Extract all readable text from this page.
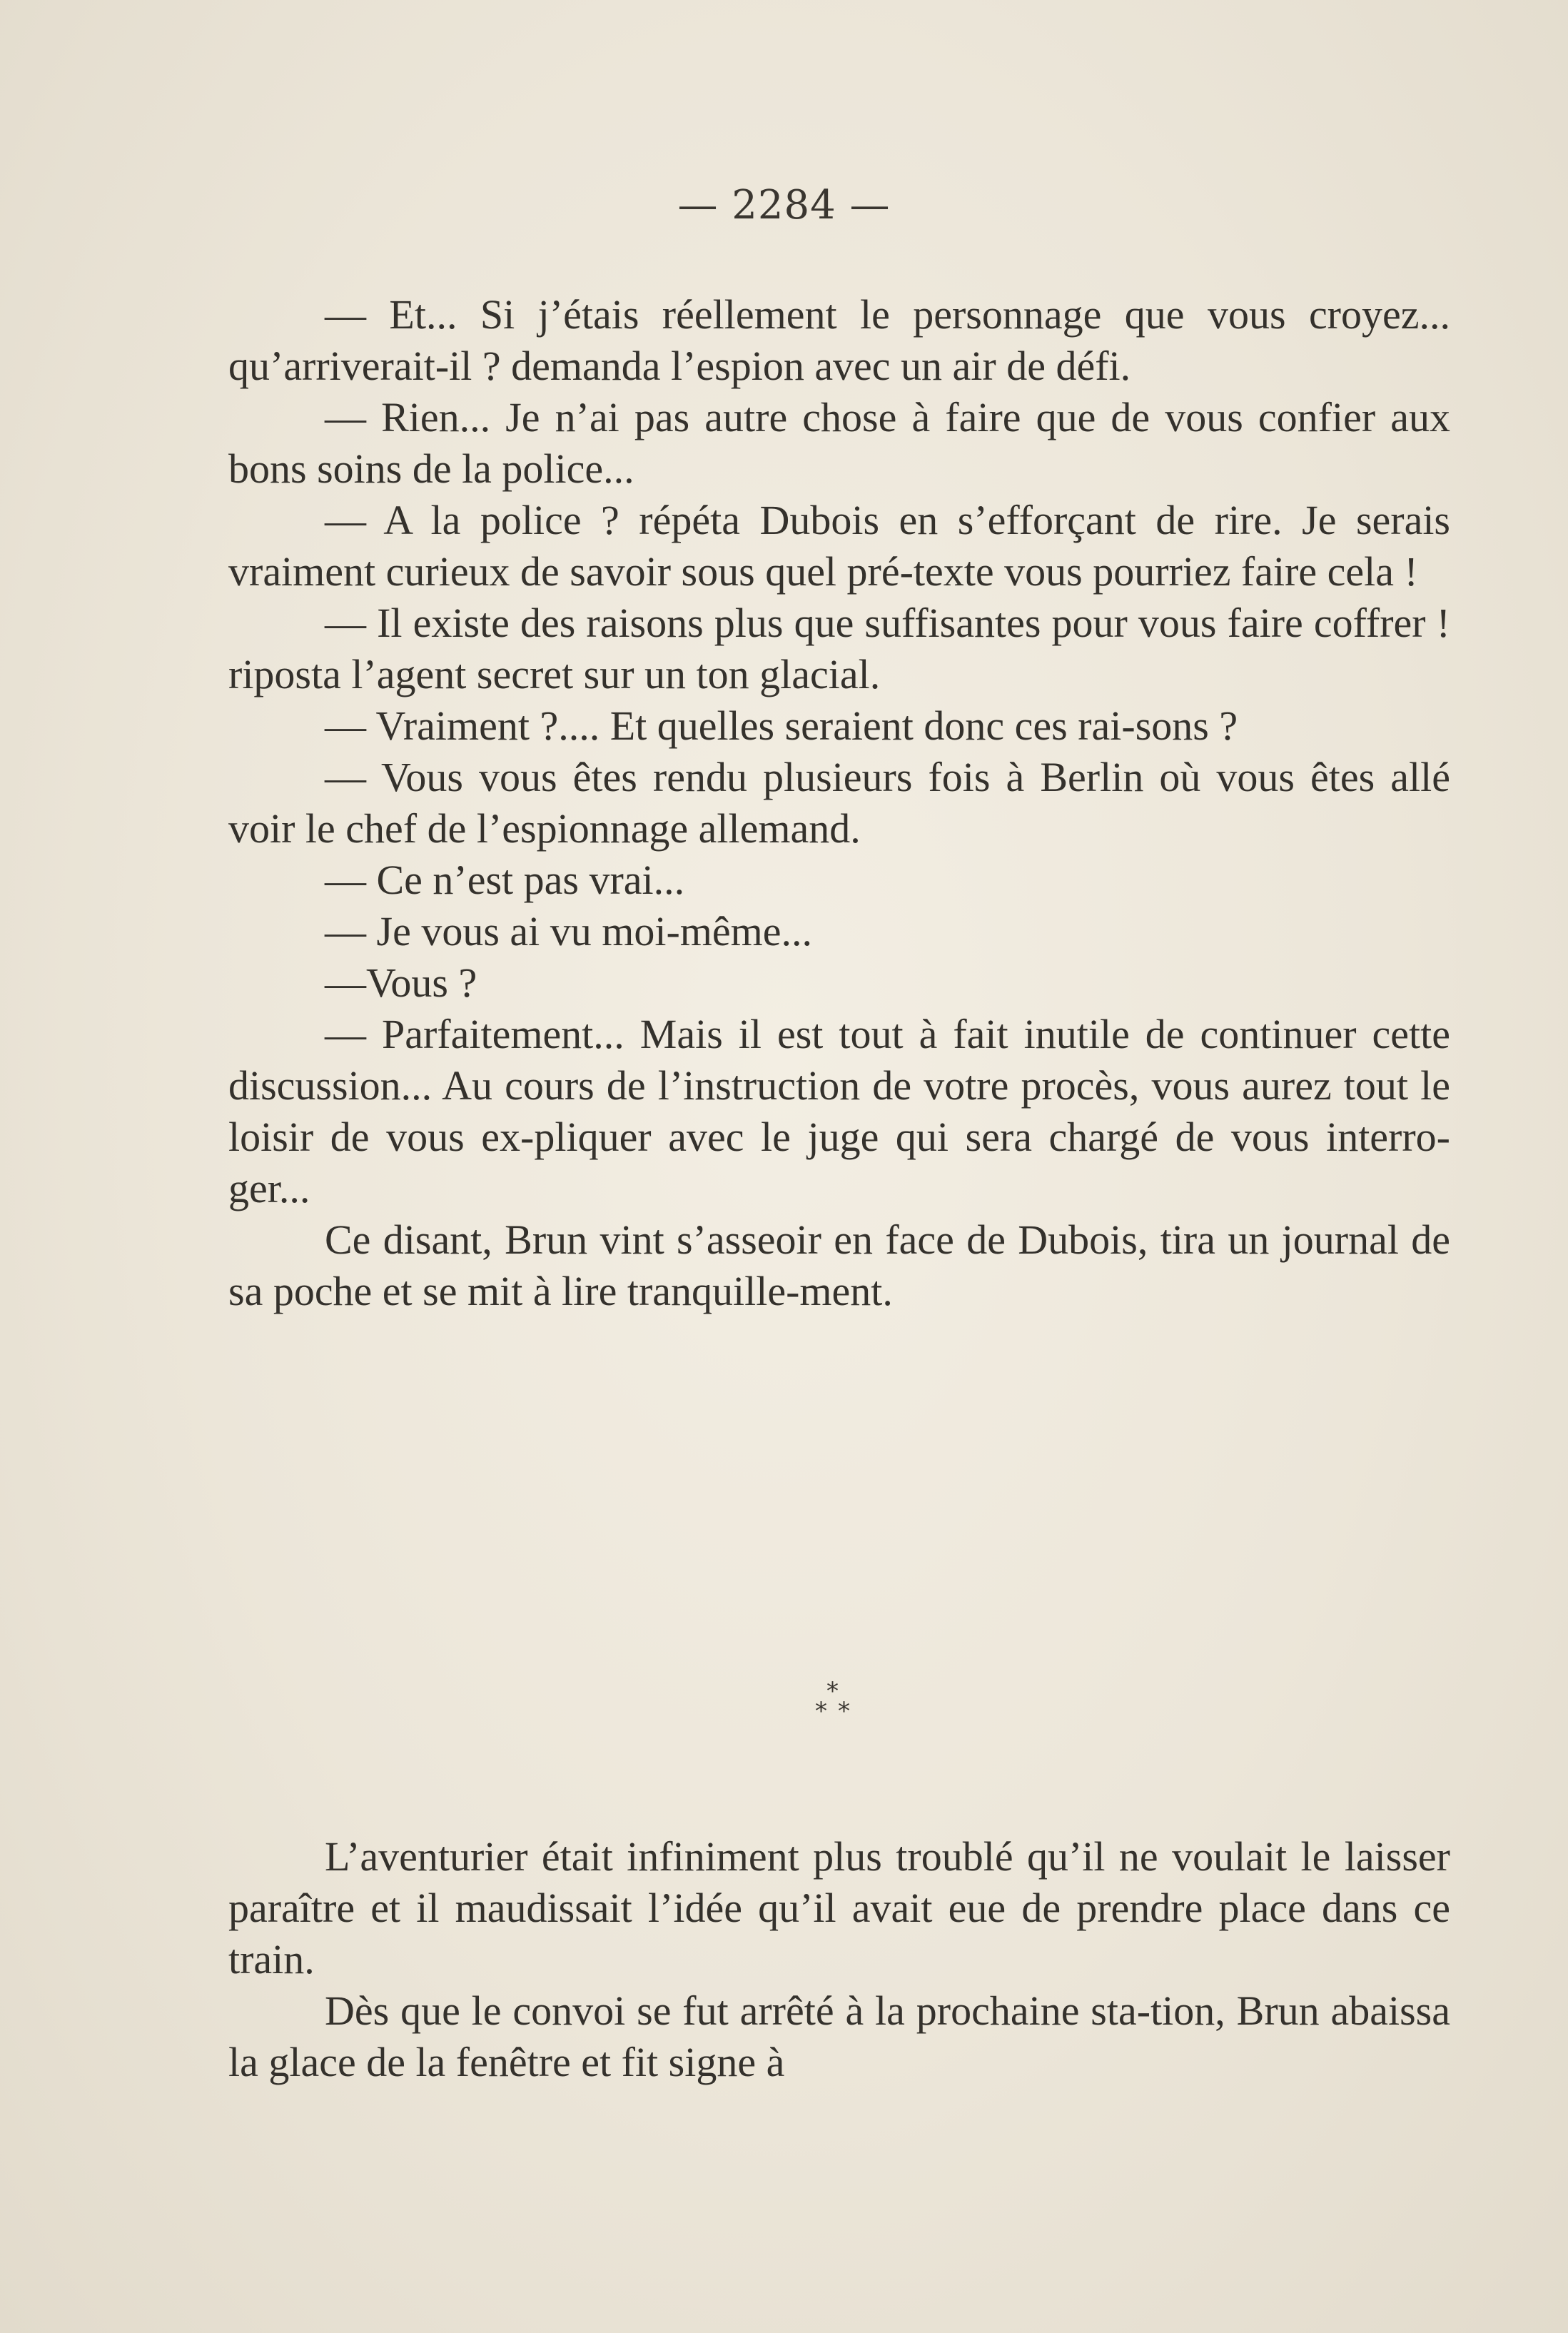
— 2284 —

— Et... Si j’étais réellement le personnage que vous croyez... qu’arriverait-il ? demanda l’espion avec un air de défi.

— Rien... Je n’ai pas autre chose à faire que de vous confier aux bons soins de la police...

— A la police ? répéta Dubois en s’efforçant de rire. Je serais vraiment curieux de savoir sous quel pré-texte vous pourriez faire cela !

— Il existe des raisons plus que suffisantes pour vous faire coffrer ! riposta l’agent secret sur un ton glacial.

— Vraiment ?.... Et quelles seraient donc ces rai-sons ?

— Vous vous êtes rendu plusieurs fois à Berlin où vous êtes allé voir le chef de l’espionnage allemand.

— Ce n’est pas vrai...

— Je vous ai vu moi-même...

—Vous ?

— Parfaitement... Mais il est tout à fait inutile de continuer cette discussion... Au cours de l’instruction de votre procès, vous aurez tout le loisir de vous ex-pliquer avec le juge qui sera chargé de vous interro-ger...

Ce disant, Brun vint s’asseoir en face de Dubois, tira un journal de sa poche et se mit à lire tranquille-ment.

*
* *

L’aventurier était infiniment plus troublé qu’il ne voulait le laisser paraître et il maudissait l’idée qu’il avait eue de prendre place dans ce train.

Dès que le convoi se fut arrêté à la prochaine sta-tion, Brun abaissa la glace de la fenêtre et fit signe à
